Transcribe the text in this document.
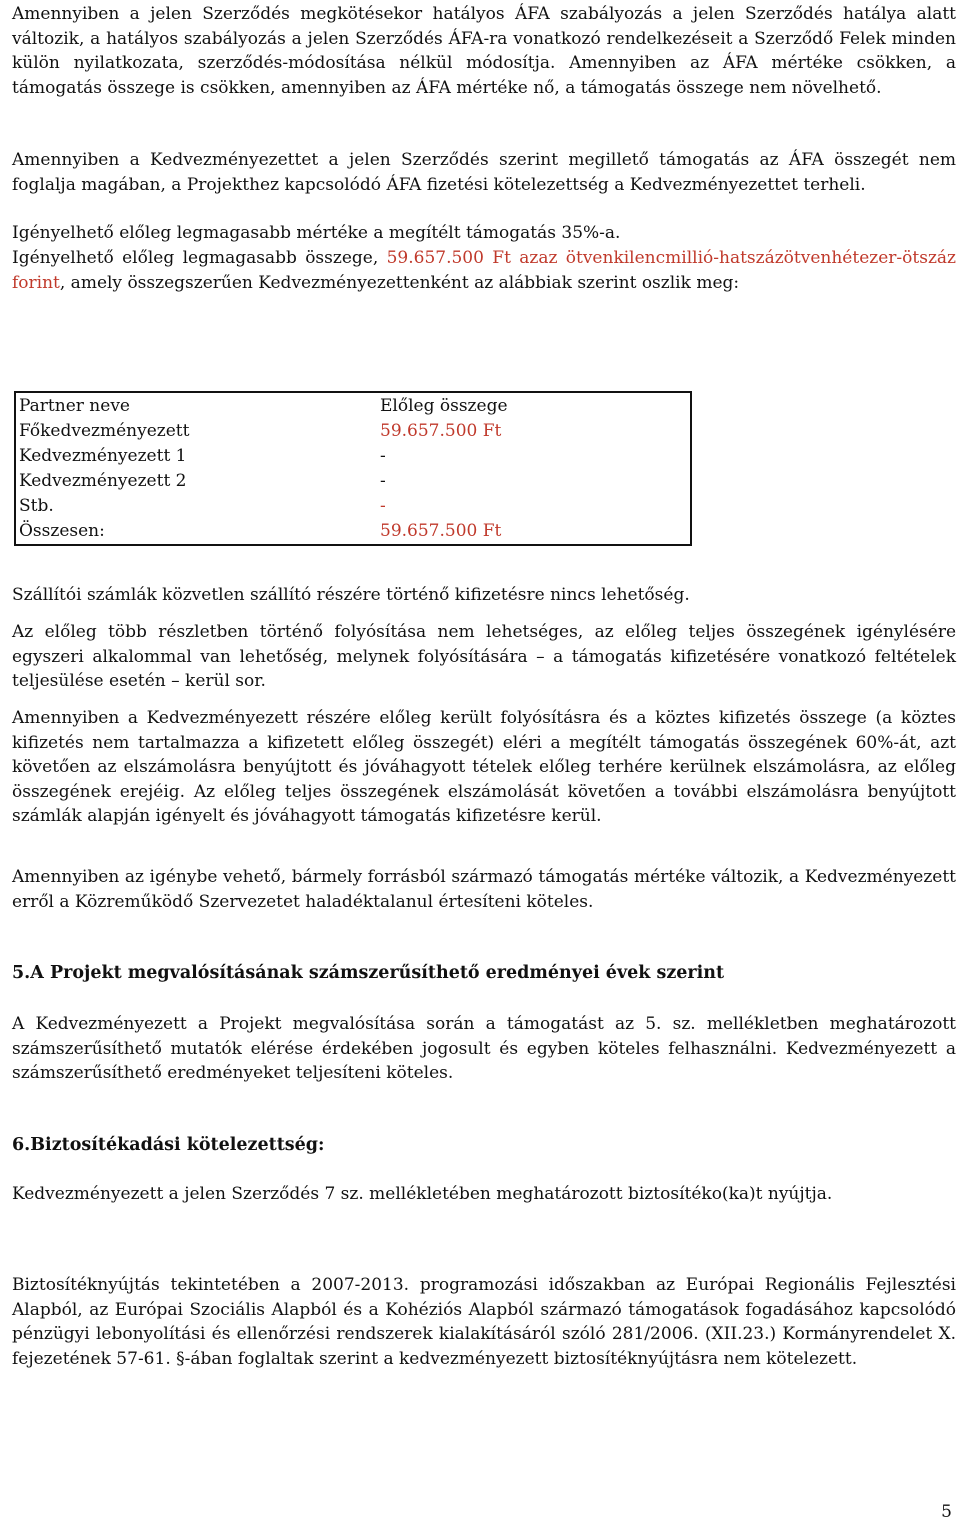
Amennyiben a jelen Szerződés megkötésekor hatályos ÁFA szabályozás a jelen Szerződés hatálya alatt változik, a hatályos szabályozás a jelen Szerződés ÁFA-ra vonatkozó rendelkezéseit a Szerződő Felek minden külön nyilatkozata, szerződés-módosítása nélkül módosítja. Amennyiben az ÁFA mértéke csökken, a támogatás összege is csökken, amennyiben az ÁFA mértéke nő, a támogatás összege nem növelhető.

Amennyiben a Kedvezményezettet a jelen Szerződés szerint megillető támogatás az ÁFA összegét nem foglalja magában, a Projekthez kapcsolódó ÁFA fizetési kötelezettség a Kedvezményezettet terheli.

Igényelhető előleg legmagasabb mértéke a megítélt támogatás 35%-a.

Igényelhető előleg legmagasabb összege, 59.657.500 Ft azaz ötvenkilencmillió-hatszázötvenhétezer-ötszáz forint, amely összegszerűen Kedvezményezettenként az alábbiak szerint oszlik meg:

Partner neve	Előleg összege
Főkedvezményezett	59.657.500 Ft
Kedvezményezett 1	-
Kedvezményezett 2	-
Stb.	-
Összesen:	59.657.500 Ft

Szállítói számlák közvetlen szállító részére történő kifizetésre nincs lehetőség.

Az előleg több részletben történő folyósítása nem lehetséges, az előleg teljes összegének igénylésére egyszeri alkalommal van lehetőség, melynek folyósítására – a támogatás kifizetésére vonatkozó feltételek teljesülése esetén – kerül sor.

Amennyiben a Kedvezményezett részére előleg került folyósításra és a köztes kifizetés összege (a köztes kifizetés nem tartalmazza a kifizetett előleg összegét) eléri a megítélt támogatás összegének 60%-át, azt követően az elszámolásra benyújtott és jóváhagyott tételek előleg terhére kerülnek elszámolásra, az előleg összegének erejéig. Az előleg teljes összegének elszámolását követően a további elszámolásra benyújtott számlák alapján igényelt és jóváhagyott támogatás kifizetésre kerül.

Amennyiben az igénybe vehető, bármely forrásból származó támogatás mértéke változik, a Kedvezményezett erről a Közreműködő Szervezetet haladéktalanul értesíteni köteles.

5.A Projekt megvalósításának számszerűsíthető eredményei évek szerint

A Kedvezményezett a Projekt megvalósítása során a támogatást az 5. sz. mellékletben meghatározott számszerűsíthető mutatók elérése érdekében jogosult és egyben köteles felhasználni. Kedvezményezett a számszerűsíthető eredményeket teljesíteni köteles.

6.Biztosítékadási kötelezettség:

Kedvezményezett a jelen Szerződés 7 sz. mellékletében meghatározott biztosítéko(ka)t nyújtja.

Biztosítéknyújtás tekintetében a 2007-2013. programozási időszakban az Európai Regionális Fejlesztési Alapból, az Európai Szociális Alapból és a Kohéziós Alapból származó támogatások fogadásához kapcsolódó pénzügyi lebonyolítási és ellenőrzési rendszerek kialakításáról szóló 281/2006. (XII.23.) Kormányrendelet X. fejezetének 57-61. §-ában foglaltak szerint a kedvezményezett biztosítéknyújtásra nem kötelezett.

5
